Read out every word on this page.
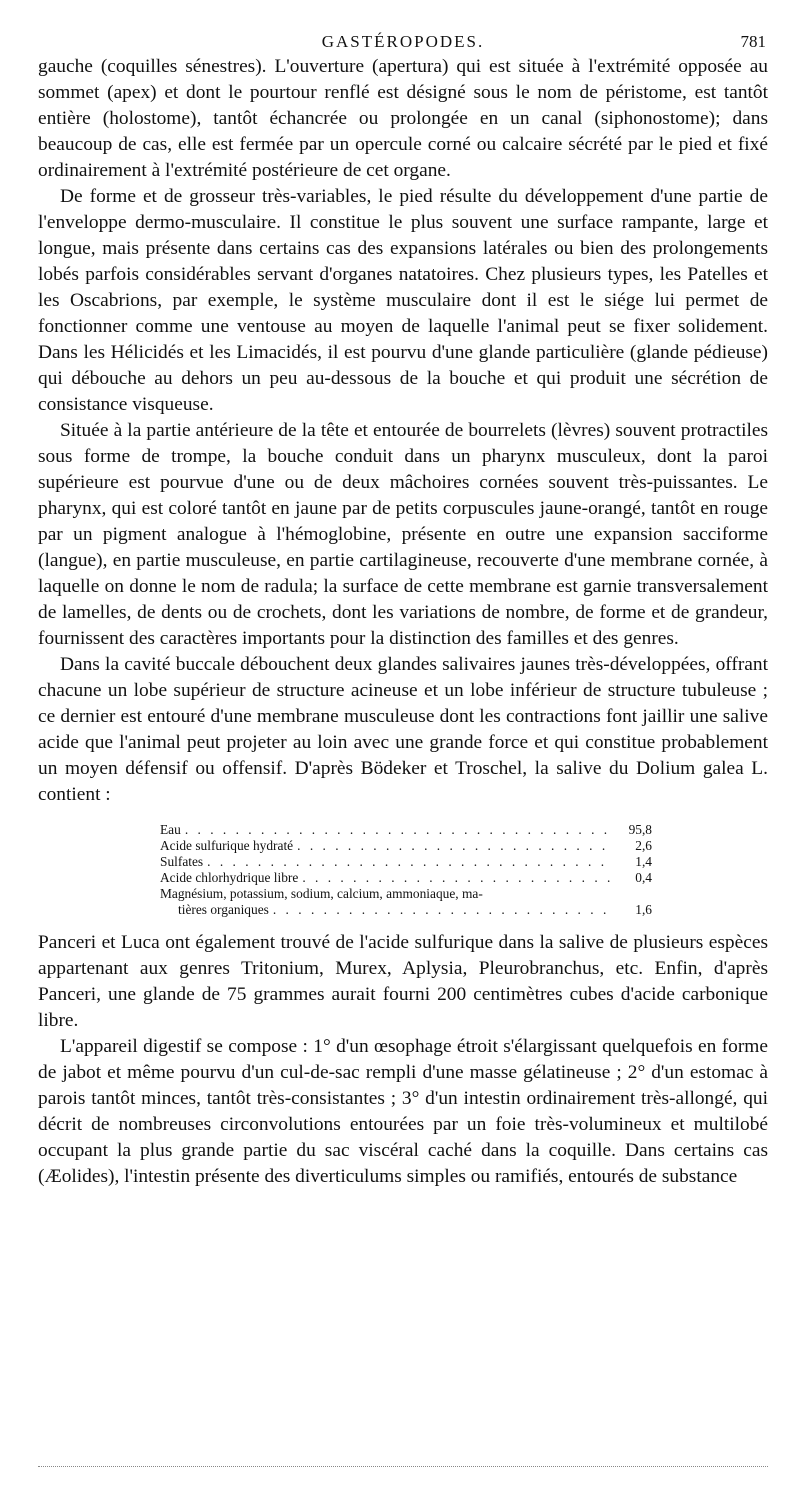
GASTÉROPODES.	781

gauche (coquilles sénestres). L'ouverture (apertura) qui est située à l'extrémité opposée au sommet (apex) et dont le pourtour renflé est désigné sous le nom de péristome, est tantôt entière (holostome), tantôt échancrée ou prolongée en un canal (siphonostome); dans beaucoup de cas, elle est fermée par un opercule corné ou calcaire sécrété par le pied et fixé ordinairement à l'extrémité postérieure de cet organe.

De forme et de grosseur très-variables, le pied résulte du développement d'une partie de l'enveloppe dermo-musculaire. Il constitue le plus souvent une surface rampante, large et longue, mais présente dans certains cas des expansions latérales ou bien des prolongements lobés parfois considérables servant d'organes natatoires. Chez plusieurs types, les Patelles et les Oscabrions, par exemple, le système musculaire dont il est le siége lui permet de fonctionner comme une ventouse au moyen de laquelle l'animal peut se fixer solidement. Dans les Hélicidés et les Limacidés, il est pourvu d'une glande particulière (glande pédieuse) qui débouche au dehors un peu au-dessous de la bouche et qui produit une sécrétion de consistance visqueuse.

Située à la partie antérieure de la tête et entourée de bourrelets (lèvres) souvent protractiles sous forme de trompe, la bouche conduit dans un pharynx musculeux, dont la paroi supérieure est pourvue d'une ou de deux mâchoires cornées souvent très-puissantes. Le pharynx, qui est coloré tantôt en jaune par de petits corpuscules jaune-orangé, tantôt en rouge par un pigment analogue à l'hémoglobine, présente en outre une expansion sacciforme (langue), en partie musculeuse, en partie cartilagineuse, recouverte d'une membrane cornée, à laquelle on donne le nom de radula; la surface de cette membrane est garnie transversalement de lamelles, de dents ou de crochets, dont les variations de nombre, de forme et de grandeur, fournissent des caractères importants pour la distinction des familles et des genres.

Dans la cavité buccale débouchent deux glandes salivaires jaunes très-développées, offrant chacune un lobe supérieur de structure acineuse et un lobe inférieur de structure tubuleuse ; ce dernier est entouré d'une membrane musculeuse dont les contractions font jaillir une salive acide que l'animal peut projeter au loin avec une grande force et qui constitue probablement un moyen défensif ou offensif. D'après Bödeker et Troschel, la salive du Dolium galea L. contient :

Eau . . .	95,8
Acide sulfurique hydraté . . .	2,6
Sulfates . . .	1,4
Acide chlorhydrique libre . . .	0,4
Magnésium, potassium, sodium, calcium, ammoniaque, ma-
tières organiques . . .	1,6

Panceri et Luca ont également trouvé de l'acide sulfurique dans la salive de plusieurs espèces appartenant aux genres Tritonium, Murex, Aplysia, Pleurobranchus, etc. Enfin, d'après Panceri, une glande de 75 grammes aurait fourni 200 centimètres cubes d'acide carbonique libre.

L'appareil digestif se compose : 1° d'un œsophage étroit s'élargissant quelquefois en forme de jabot et même pourvu d'un cul-de-sac rempli d'une masse gélatineuse ; 2° d'un estomac à parois tantôt minces, tantôt très-consistantes ; 3° d'un intestin ordinairement très-allongé, qui décrit de nombreuses circonvolutions entourées par un foie très-volumineux et multilobé occupant la plus grande partie du sac viscéral caché dans la coquille. Dans certains cas (Æolides), l'intestin présente des diverticulums simples ou ramifiés, entourés de substance
